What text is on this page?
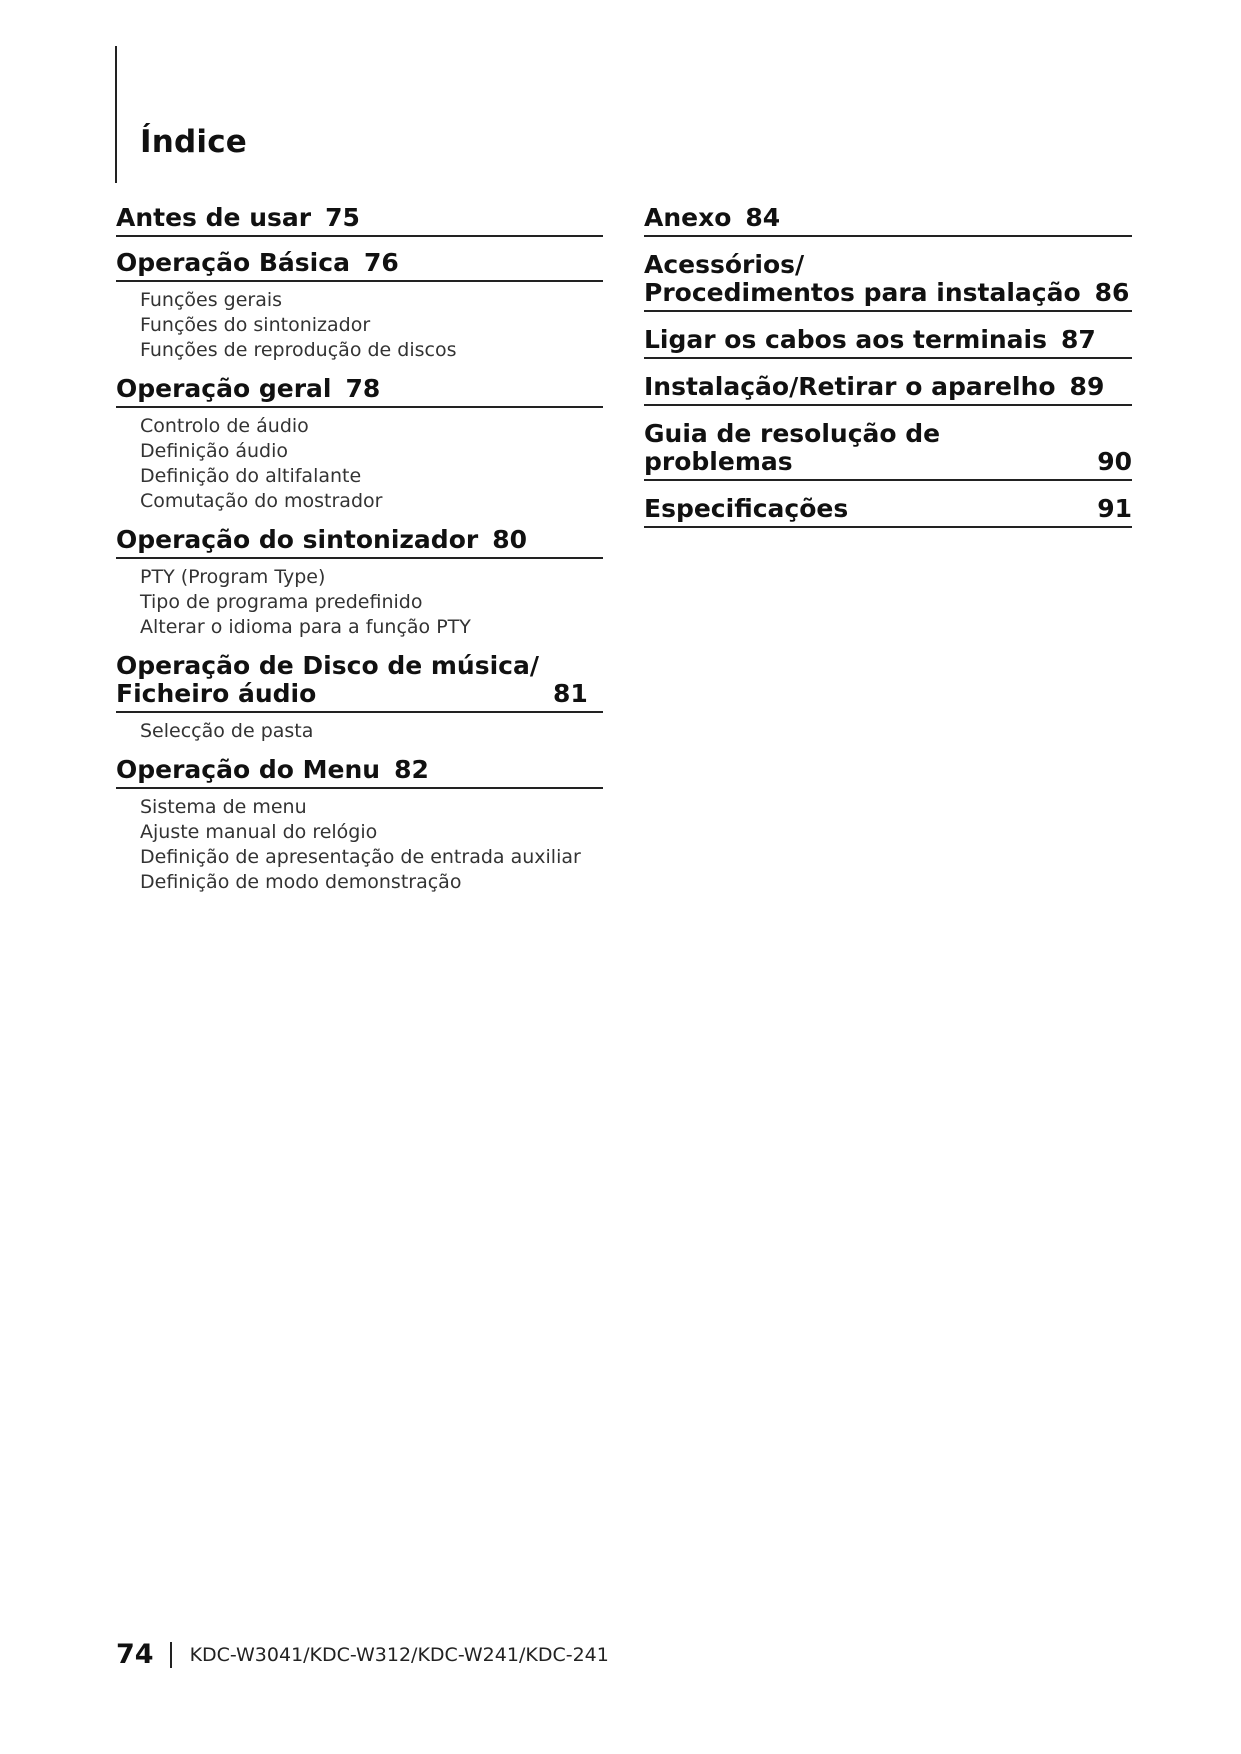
Índice
Antes de usar 75
Operação Básica 76
Funções gerais
Funções do sintonizador
Funções de reprodução de discos
Operação geral 78
Controlo de áudio
Definição áudio
Definição do altifalante
Comutação do mostrador
Operação do sintonizador 80
PTY (Program Type)
Tipo de programa predefinido
Alterar o idioma para a função PTY
Operação de Disco de música/
Ficheiro áudio	81
Selecção de pasta
Operação do Menu 82
Sistema de menu
Ajuste manual do relógio
Definição de apresentação de entrada auxiliar
Definição de modo demonstração
Anexo 84
Acessórios/
Procedimentos para instalação 86
Ligar os cabos aos terminais 87
Instalação/Retirar o aparelho 89
Guia de resolução de problemas	90
Especificações	91
74 KDC-W3041/KDC-W312/KDC-W241/KDC-241
